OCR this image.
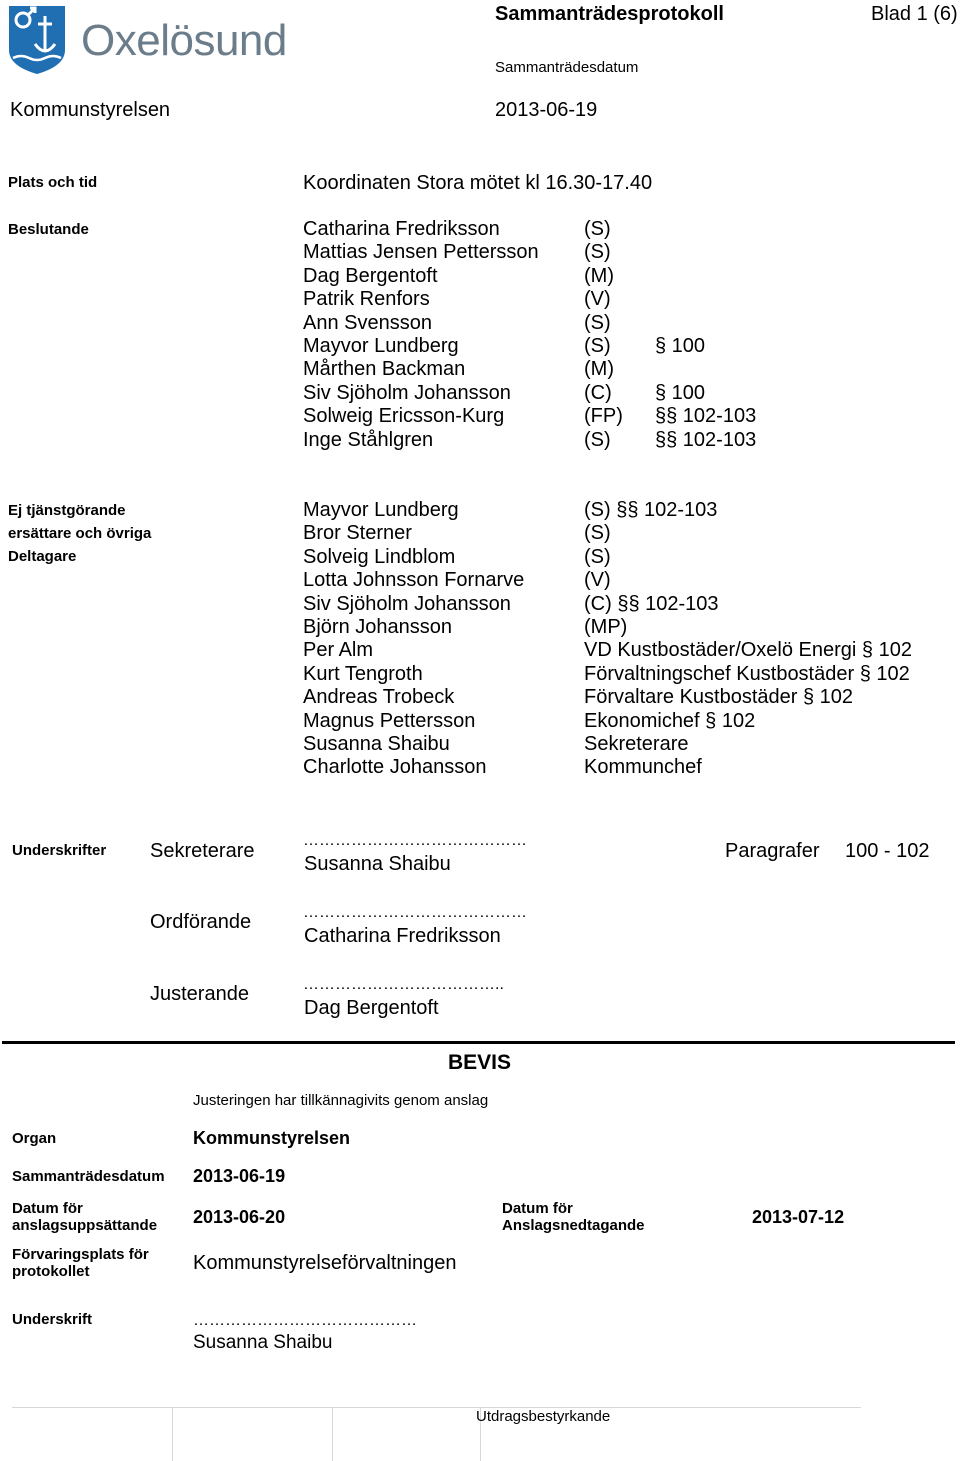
Oxelösund
Sammanträdesprotokoll	Blad 1 (6)
Sammanträdesdatum
Kommunstyrelsen	2013-06-19
Plats och tid	Koordinaten Stora mötet kl 16.30-17.40
Beslutande	Catharina Fredriksson	(S)
Mattias Jensen Pettersson (S)
Dag Bergentoft	(M)
Patrik Renfors	(V)
Ann Svensson	(S)
Mayvor Lundberg	(S) § 100
Mårthen Backman	(M)
Siv Sjöholm Johansson	(C) § 100
Solweig Ericsson-Kurg	(FP) §§ 102-103
Inge Ståhlgren	(S) §§ 102-103
Ej tjänstgörande
ersättare och övriga
Deltagare
Mayvor Lundberg	(S) §§ 102-103
Bror Sterner	(S)
Solveig Lindblom	(S)
Lotta Johnsson Fornarve	(V)
Siv Sjöholm Johansson	(C) §§ 102-103
Björn Johansson	(MP)
Per Alm	VD Kustbostäder/Oxelö Energi § 102
Kurt Tengroth	Förvaltningschef Kustbostäder § 102
Andreas Trobeck	Förvaltare Kustbostäder § 102
Magnus Pettersson	Ekonomichef § 102
Susanna Shaibu	Sekreterare
Charlotte Johansson	Kommunchef
Underskrifter Sekreterare	……………………………………
Susanna Shaibu
Paragrafer 100 - 102
Ordförande	……………………………………
Catharina Fredriksson
Justerande	………………………………..
Dag Bergentoft
BEVIS
Justeringen har tillkännagivits genom anslag
Organ	Kommunstyrelsen
Sammanträdesdatum 2013-06-19
Datum för
anslagsuppsättande 2013-06-20	Datum för
Anslagsnedtagande	2013-07-12
Förvaringsplats för
protokollet	Kommunstyrelseförvaltningen
Underskrift	……………………………………
Susanna Shaibu
Utdragsbestyrkande
